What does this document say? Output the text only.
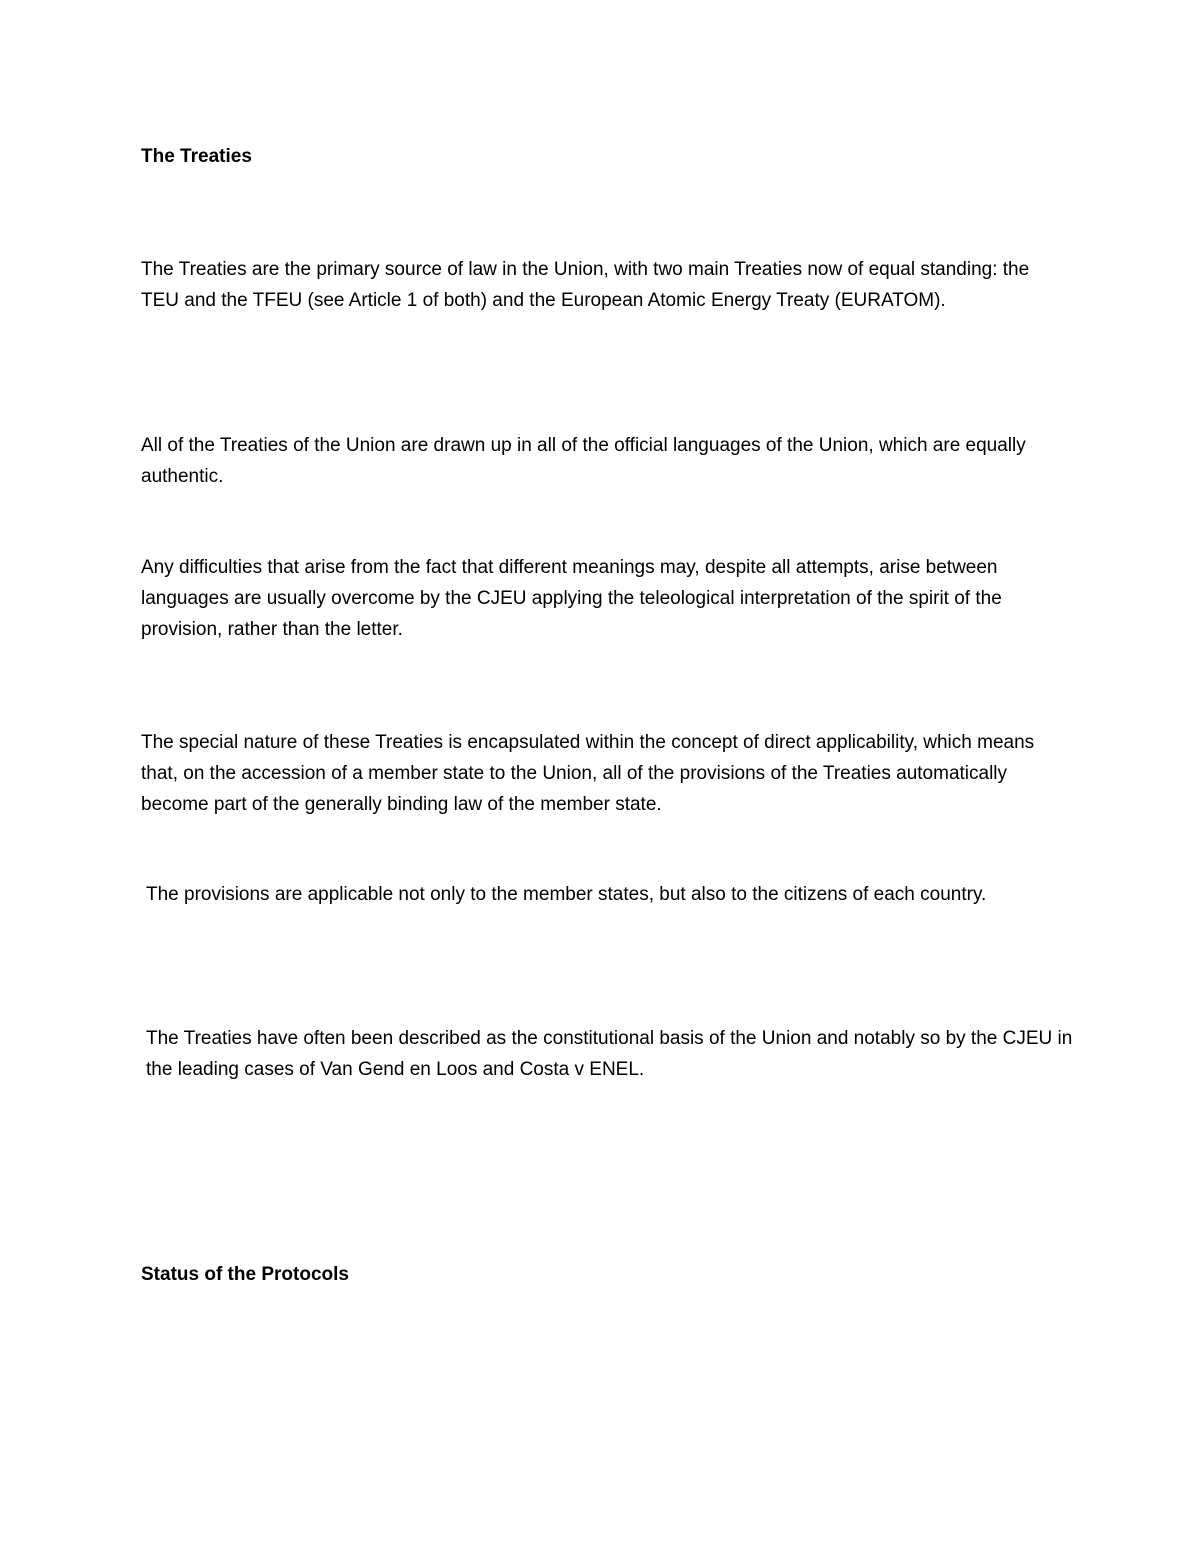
The Treaties

The Treaties are the primary source of law in the Union, with two main Treaties now of equal standing: the TEU and the TFEU (see Article 1 of both) and the European Atomic Energy Treaty (EURATOM).

All of the Treaties of the Union are drawn up in all of the official languages of the Union, which are equally authentic.

Any difficulties that arise from the fact that different meanings may, despite all attempts, arise between languages are usually overcome by the CJEU applying the teleological interpretation of the spirit of the provision, rather than the letter.

The special nature of these Treaties is encapsulated within the concept of direct applicability, which means that, on the accession of a member state to the Union, all of the provisions of the Treaties automatically become part of the generally binding law of the member state.

The provisions are applicable not only to the member states, but also to the citizens of each country.

The Treaties have often been described as the constitutional basis of the Union and notably so by the CJEU in the leading cases of Van Gend en Loos and Costa v ENEL.

Status of the Protocols
